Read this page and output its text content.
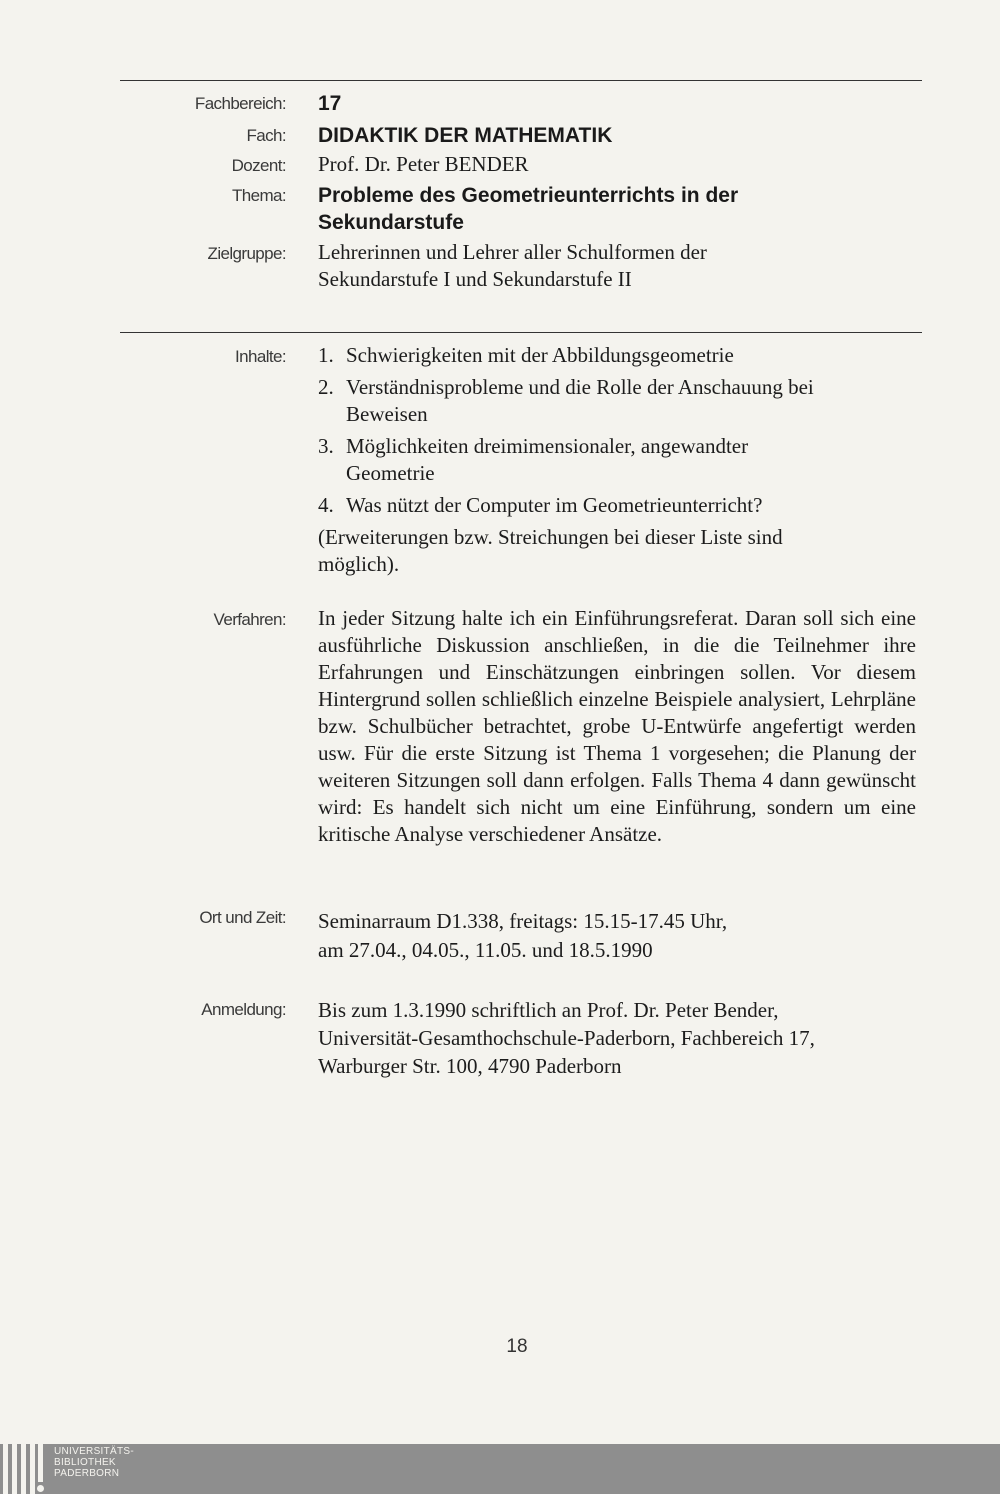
Fachbereich: 17
Fach: DIDAKTIK DER MATHEMATIK
Dozent: Prof. Dr. Peter BENDER
Thema: Probleme des Geometrieunterrichts in der
Sekundarstufe
Zielgruppe: Lehrerinnen und Lehrer aller Schulformen der
Sekundarstufe I und Sekundarstufe II
Inhalte: 1. Schwierigkeiten mit der Abbildungsgeometrie
2. Verständnisprobleme und die Rolle der Anschauung bei
Beweisen
3. Möglichkeiten dreimimensionaler, angewandter
Geometrie
4. Was nützt der Computer im Geometrieunterricht?
(Erweiterungen bzw. Streichungen bei dieser Liste sind
möglich).
Verfahren: In jeder Sitzung halte ich ein Einführungsreferat. Daran soll sich eine ausführliche Diskussion anschließen, in die die Teilnehmer ihre Erfahrungen und Einschätzungen einbringen sollen. Vor diesem Hintergrund sollen schließlich einzelne Beispiele analysiert, Lehrpläne bzw. Schulbücher betrachtet, grobe U-Entwürfe angefertigt werden usw. Für die erste Sitzung ist Thema 1 vorgesehen; die Planung der weiteren Sitzungen soll dann erfolgen. Falls Thema 4 dann gewünscht wird: Es handelt sich nicht um eine Einführung, sondern um eine kritische Analyse verschiedener Ansätze.
Ort und Zeit: Seminarraum D1.338, freitags: 15.15-17.45 Uhr,
am 27.04., 04.05., 11.05. und 18.5.1990
Anmeldung: Bis zum 1.3.1990 schriftlich an Prof. Dr. Peter Bender,
Universität-Gesamthochschule-Paderborn, Fachbereich 17,
Warburger Str. 100, 4790 Paderborn
18
UNIVERSITÄTS-
BIBLIOTHEK
PADERBORN
